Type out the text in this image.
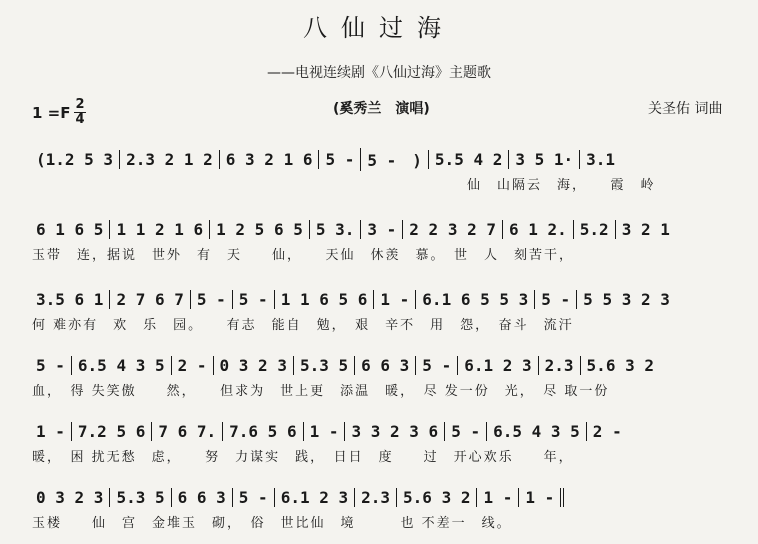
八仙过海
——电视连续剧《八仙过海》主题歌
$1 =F \frac{2}{4}$	(奚秀兰　演唱)	关圣佑 词曲
(1.2 5 3 2.3 2 1 2 6 3 2 1 6 5 - 5 -　) 5.5 4 2 3 5 1· 3.1
　　　　　　　　　　　　　　　　　　　　　　　　　　　　　仙　山隔云　海，　　霞　岭
6 1 6 5 1 1 2 1 6 1 2 5 6 5 5 3. 3 - 2 2 3 2 7 6 1 2. 5.2 3 2 1
玉带　连，据说　世外　有　天　　仙，　　天仙　休羡　慕。　世　人　刻苦干，
3.5 6 1 2 7 6 7 5 - 5 - 1 1 6 5 6 1 - 6.1 6 5 5 3 5 - 5 5 3 2 3
何 难亦有　欢　乐　园。　　有志　能自　勉，　艰　辛不　用　怨，　奋斗　流汗
5 - 6.5 4 3 5 2 - 0 3 2 3 5.3 5 6 6 3 5 - 6.1 2 3 2.3 5.6 3 2
血，　得 失笑傲　　然，　　但求为　世上更　添温　暖，　尽 发一份　光，　尽 取一份
1 - 7.2 5 6 7 6 7. 7.6 5 6 1 - 3 3 2 3 6 5 - 6.5 4 3 5 2 -
暖，　困 扰无愁　虑，　　努　力谋实　践，　日日　度　　过　开心欢乐　　年，
0 3 2 3 5.3 5 6 6 3 5 - 6.1 2 3 2.3 5.6 3 2 1 - 1 -
玉楼　　仙　宫　金堆玉　砌，　俗　世比仙　境　　　也 不差一　线。
